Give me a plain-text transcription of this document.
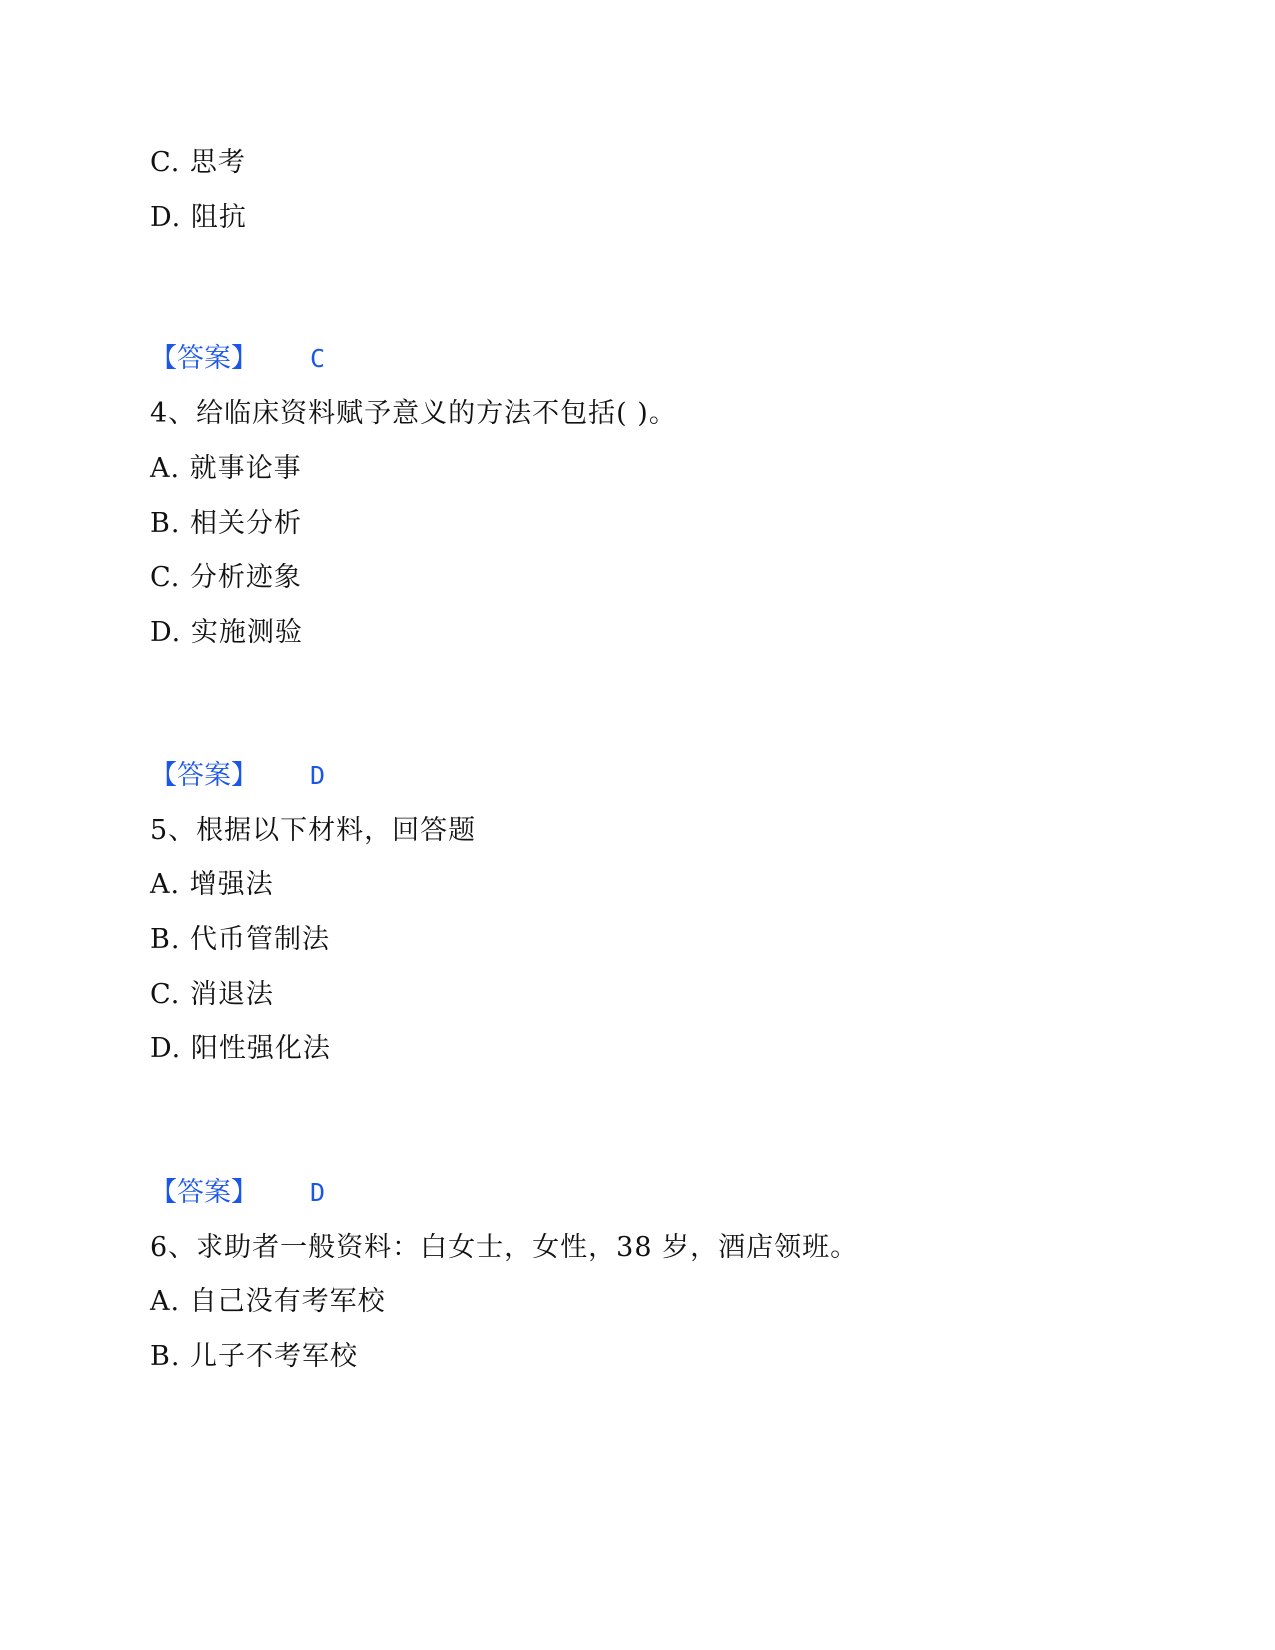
C. 思考
D. 阻抗
【答案】 C
4、给临床资料赋予意义的方法不包括( )。
A. 就事论事
B. 相关分析
C. 分析迹象
D. 实施测验
【答案】 D
5、根据以下材料，回答题
A. 增强法
B. 代币管制法
C. 消退法
D. 阳性强化法
【答案】 D
6、求助者一般资料：白女士，女性，38 岁，酒店领班。
A. 自己没有考军校
B. 儿子不考军校
